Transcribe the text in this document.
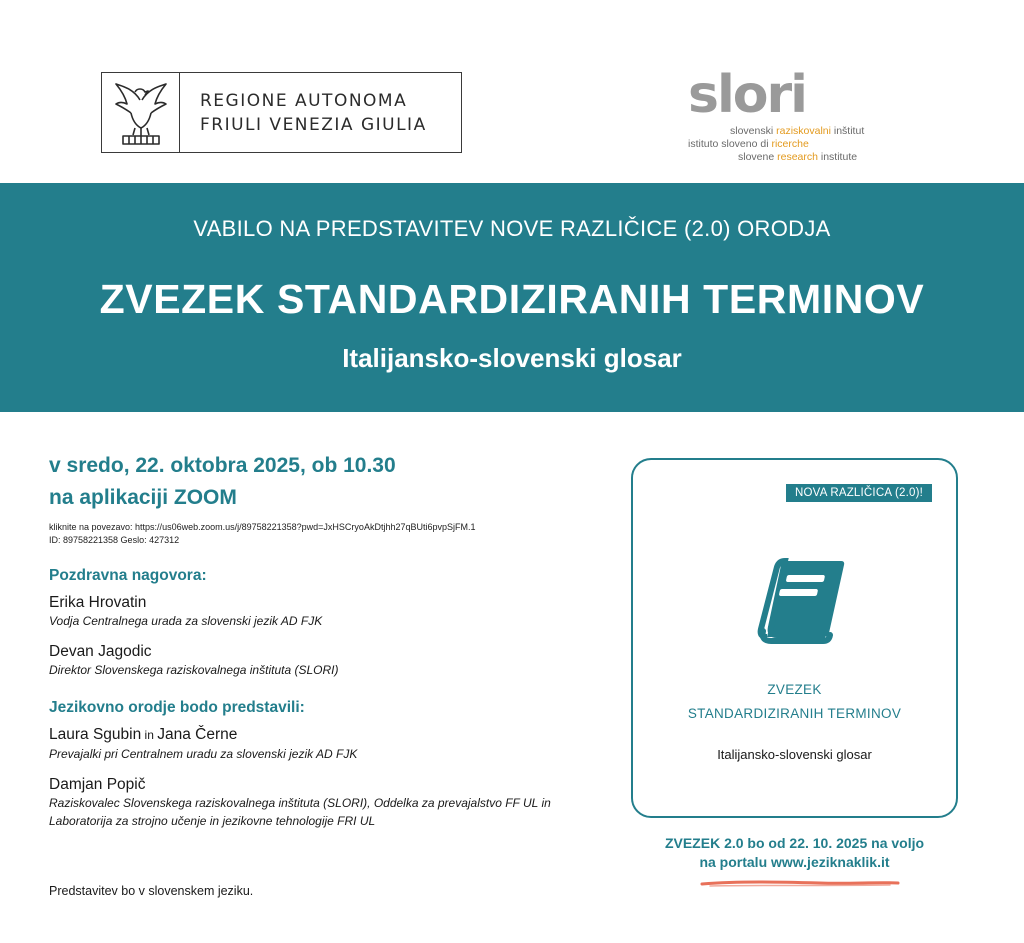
REGIONE AUTONOMA
FRIULI VENEZIA GIULIA	slori
slovenski raziskovalni inštitut
istituto sloveno di ricerche
slovene research institute
VABILO NA PREDSTAVITEV NOVE RAZLIČICE (2.0) ORODJA
ZVEZEK STANDARDIZIRANIH TERMINOV
Italijansko-slovenski glosar
v sredo, 22. oktobra 2025, ob 10.30
na aplikaciji ZOOM
kliknite na povezavo: https://us06web.zoom.us/j/89758221358?pwd=JxHSCryoAkDtjhh27qBUti6pvpSjFM.1
ID: 89758221358 Geslo: 427312
Pozdravna nagovora:
Erika Hrovatin
Vodja Centralnega urada za slovenski jezik AD FJK
Devan Jagodic
Direktor Slovenskega raziskovalnega inštituta (SLORI)
Jezikovno orodje bodo predstavili:
Laura Sgubin in Jana Černe
Prevajalki pri Centralnem uradu za slovenski jezik AD FJK
Damjan Popič
Raziskovalec Slovenskega raziskovalnega inštituta (SLORI), Oddelka za prevajalstvo FF UL in
Laboratorija za strojno učenje in jezikovne tehnologije FRI UL
Predstavitev bo v slovenskem jeziku.
NOVA RAZLIČICA (2.0)!
ZVEZEK
STANDARDIZIRANIH TERMINOV
Italijansko-slovenski glosar
ZVEZEK 2.0 bo od 22. 10. 2025 na voljo
na portalu www.jeziknaklik.it
